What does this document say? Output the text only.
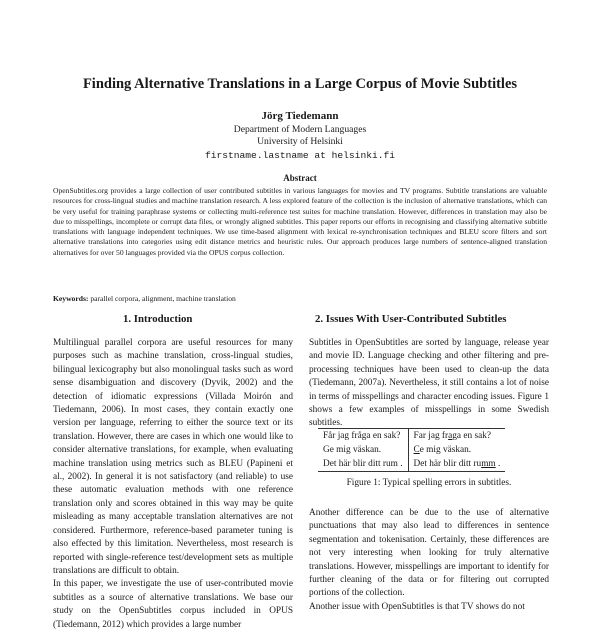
Finding Alternative Translations in a Large Corpus of Movie Subtitles
Jörg Tiedemann
Department of Modern Languages
University of Helsinki
firstname.lastname at helsinki.fi
Abstract
OpenSubtitles.org provides a large collection of user contributed subtitles in various languages for movies and TV programs. Subtitle translations are valuable resources for cross-lingual studies and machine translation research. A less explored feature of the collection is the inclusion of alternative translations, which can be very useful for training paraphrase systems or collecting multi-reference test suites for machine translation. However, differences in translation may also be due to misspellings, incomplete or corrupt data files, or wrongly aligned subtitles. This paper reports our efforts in recognising and classifying alternative subtitle translations with language independent techniques. We use time-based alignment with lexical re-synchronisation techniques and BLEU score filters and sort alternative translations into categories using edit distance metrics and heuristic rules. Our approach produces large numbers of sentence-aligned translation alternatives for over 50 languages provided via the OPUS corpus collection.
Keywords: parallel corpora, alignment, machine translation
1. Introduction	2. Issues With User-Contributed Subtitles

Multilingual parallel corpora are useful resources for many purposes such as machine translation, cross-lingual studies, bilingual lexicography but also monolingual tasks such as word sense disambiguation and discovery (Dyvik, 2002) and the detection of idiomatic expressions (Villada Moirón and Tiedemann, 2006). In most cases, they contain exactly one version per language, referring to either the source text or its translation. However, there are cases in which one would like to consider alternative translations, for example, when evaluating machine translation using metrics such as BLEU (Papineni et al., 2002). In general it is not satisfactory (and reliable) to use these automatic evaluation methods with one reference translation only and scores obtained in this way may be quite misleading as many acceptable translation alternatives are not considered. Furthermore, reference-based parameter tuning is also effected by this limitation. Nevertheless, most research is reported with single-reference test/development sets as multiple translations are difficult to obtain.

In this paper, we investigate the use of user-contributed movie subtitles as a source of alternative translations. We base our study on the OpenSubtitles corpus included in OPUS (Tiedemann, 2012) which provides a large number

Subtitles in OpenSubtitles are sorted by language, release year and movie ID. Language checking and other filtering and pre-processing techniques have been used to clean-up the data (Tiedemann, 2007a). Nevertheless, it still contains a lot of noise in terms of misspellings and character encoding issues. Figure 1 shows a few examples of misspellings in some Swedish subtitles.
Får jag fråga en sak?	Far jag fraga en sak?
Ge mig väskan.	Ce mig väskan.
Det här blir ditt rum .	Det här blir ditt rumm .
Figure 1: Typical spelling errors in subtitles.

Another difference can be due to the use of alternative punctuations that may also lead to differences in sentence segmentation and tokenisation. Certainly, these differences are not very interesting when looking for truly alternative translations. However, misspellings are important to identify for further cleaning of the data or for filtering out corrupted portions of the collection.

Another issue with OpenSubtitles is that TV shows do not
